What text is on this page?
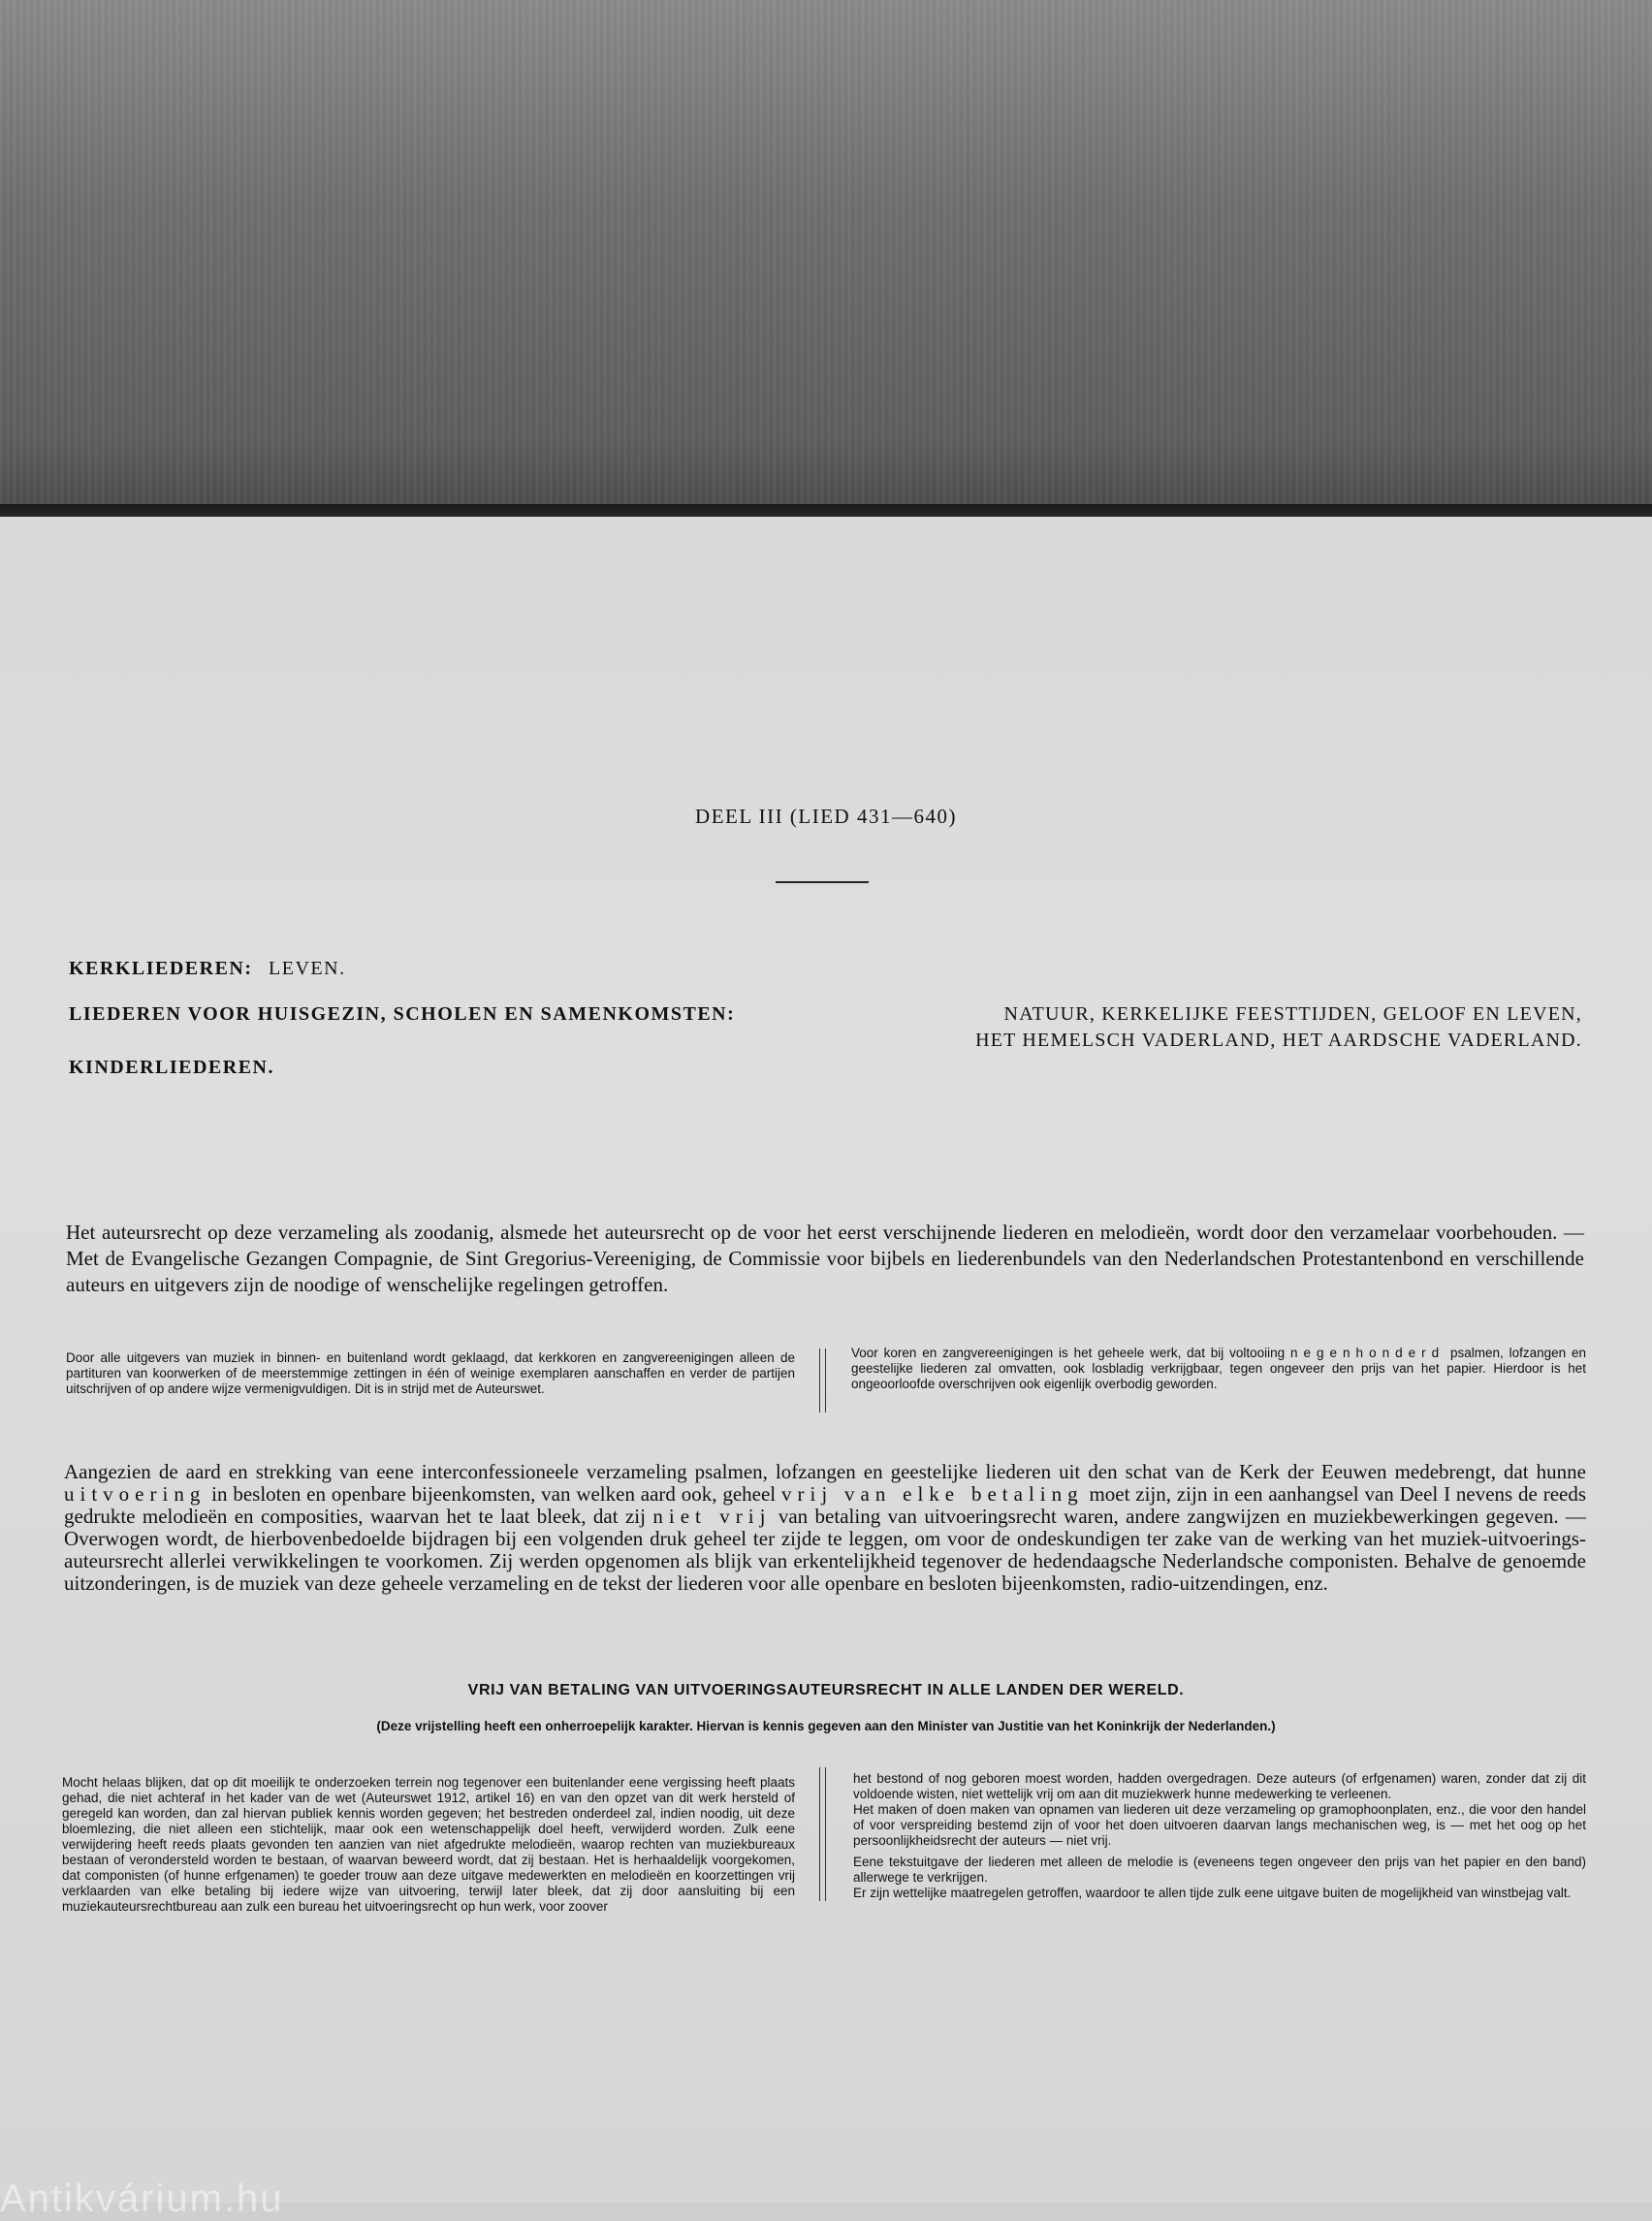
DEEL III (LIED 431—640)
KERKLIEDEREN: LEVEN.
LIEDEREN VOOR HUISGEZIN, SCHOLEN EN SAMENKOMSTEN:	NATUUR, KERKELIJKE FEESTTIJDEN, GELOOF EN LEVEN,
HET HEMELSCH VADERLAND, HET AARDSCHE VADERLAND.
KINDERLIEDEREN.
Het auteursrecht op deze verzameling als zoodanig, alsmede het auteursrecht op de voor het eerst verschijnende liederen en melodieën, wordt door den verzamelaar voorbehouden. — Met de Evangelische Gezangen Compagnie, de Sint Gregorius-Vereeniging, de Commissie voor bijbels en liederenbundels van den Nederlandschen Protestantenbond en verschillende auteurs en uitgevers zijn de noodige of wenschelijke regelingen getroffen.
Door alle uitgevers van muziek in binnen- en buitenland wordt geklaagd, dat kerkkoren en zangvereenigingen alleen de partituren van koorwerken of de meerstemmige zettingen in één of weinige exemplaren aanschaffen en verder de partijen uitschrijven of op andere wijze vermenigvuldigen. Dit is in strijd met de Auteurswet.
Voor koren en zangvereenigingen is het geheele werk, dat bij voltooiing negenhonderd psalmen, lofzangen en geestelijke liederen zal omvatten, ook losbladig verkrijgbaar, tegen ongeveer den prijs van het papier. Hierdoor is het ongeoorloofde overschrijven ook eigenlijk overbodig geworden.
Aangezien de aard en strekking van eene interconfessioneele verzameling psalmen, lofzangen en geestelijke liederen uit den schat van de Kerk der Eeuwen medebrengt, dat hunne uitvoering in besloten en openbare bijeenkomsten, van welken aard ook, geheel vrij van elke betaling moet zijn, zijn in een aanhangsel van Deel I nevens de reeds gedrukte melodieën en composities, waarvan het te laat bleek, dat zij niet vrij van betaling van uitvoeringsrecht waren, andere zangwijzen en muziekbewerkingen gegeven. — Overwogen wordt, de hierbovenbedoelde bijdragen bij een volgenden druk geheel ter zijde te leggen, om voor de ondeskundigen ter zake van de werking van het muziek-uitvoerings-auteursrecht allerlei verwikkelingen te voorkomen. Zij werden opgenomen als blijk van erkentelijkheid tegenover de hedendaagsche Nederlandsche componisten. Behalve de genoemde uitzonderingen, is de muziek van deze geheele verzameling en de tekst der liederen voor alle openbare en besloten bijeenkomsten, radio-uitzendingen, enz.
VRIJ VAN BETALING VAN UITVOERINGSAUTEURSRECHT IN ALLE LANDEN DER WERELD.
(Deze vrijstelling heeft een onherroepelijk karakter. Hiervan is kennis gegeven aan den Minister van Justitie van het Koninkrijk der Nederlanden.)
Mocht helaas blijken, dat op dit moeilijk te onderzoeken terrein nog tegenover een buitenlander eene vergissing heeft plaats gehad, die niet achteraf in het kader van de wet (Auteurswet 1912, artikel 16) en van den opzet van dit werk hersteld of geregeld kan worden, dan zal hiervan publiek kennis worden gegeven; het bestreden onderdeel zal, indien noodig, uit deze bloemlezing, die niet alleen een stichtelijk, maar ook een wetenschappelijk doel heeft, verwijderd worden. Zulk eene verwijdering heeft reeds plaats gevonden ten aanzien van niet afgedrukte melodieën, waarop rechten van muziekbureaux bestaan of verondersteld worden te bestaan, of waarvan beweerd wordt, dat zij bestaan. Het is herhaaldelijk voorgekomen, dat componisten (of hunne erfgenamen) te goeder trouw aan deze uitgave medewerkten en melodieën en koorzettingen vrij verklaarden van elke betaling bij iedere wijze van uitvoering, terwijl later bleek, dat zij door aansluiting bij een muziekauteursrechtbureau aan zulk een bureau het uitvoeringsrecht op hun werk, voor zoover
het bestond of nog geboren moest worden, hadden overgedragen. Deze auteurs (of erfgenamen) waren, zonder dat zij dit voldoende wisten, niet wettelijk vrij om aan dit muziekwerk hunne medewerking te verleenen.
Het maken of doen maken van opnamen van liederen uit deze verzameling op gramophoonplaten, enz., die voor den handel of voor verspreiding bestemd zijn of voor het doen uitvoeren daarvan langs mechanischen weg, is — met het oog op het persoonlijkheidsrecht der auteurs — niet vrij.
Eene tekstuitgave der liederen met alleen de melodie is (eveneens tegen ongeveer den prijs van het papier en den band) allerwege te verkrijgen.
Er zijn wettelijke maatregelen getroffen, waardoor te allen tijde zulk eene uitgave buiten de mogelijkheid van winstbejag valt.
Antikvárium.hu
